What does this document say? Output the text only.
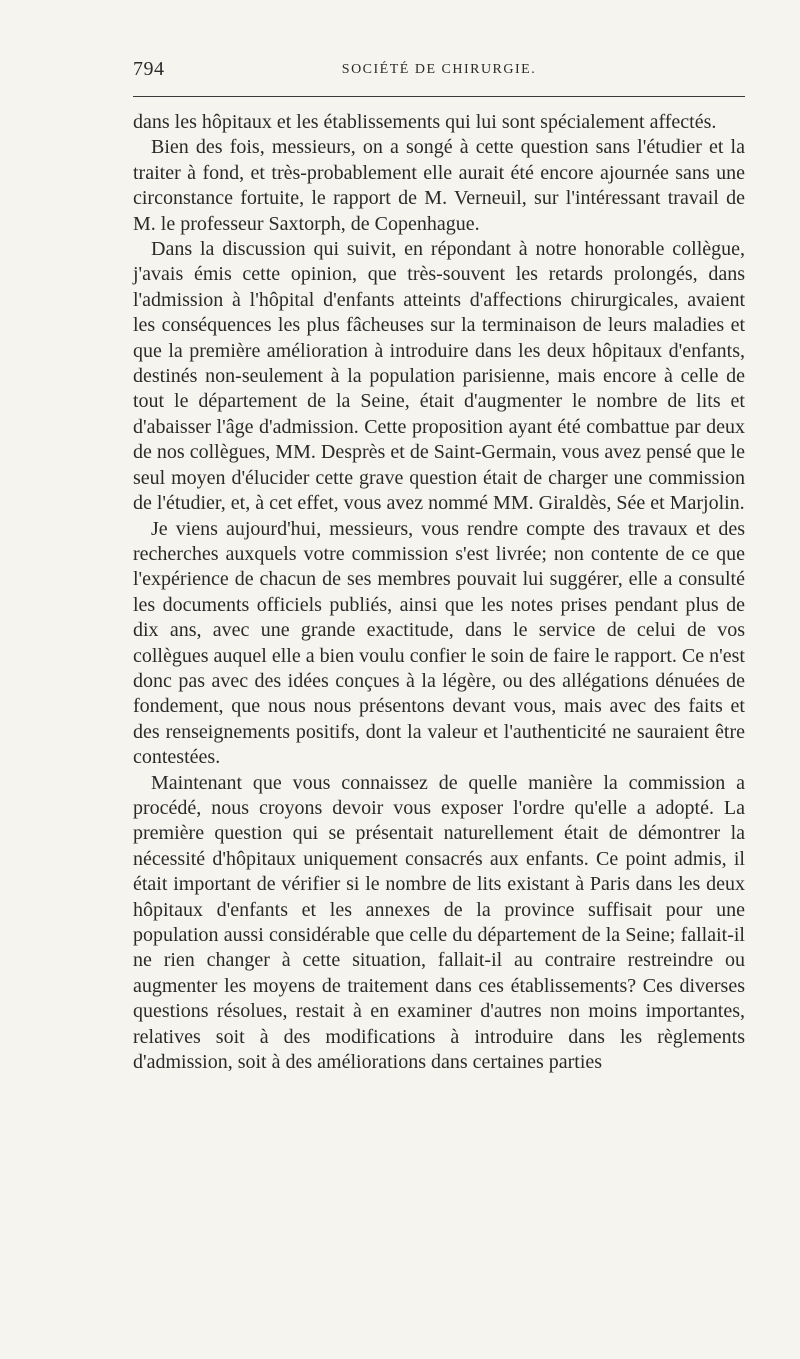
794	SOCIÉTÉ DE CHIRURGIE.

dans les hôpitaux et les établissements qui lui sont spécialement affectés.

Bien des fois, messieurs, on a songé à cette question sans l'étudier et la traiter à fond, et très-probablement elle aurait été encore ajournée sans une circonstance fortuite, le rapport de M. Verneuil, sur l'intéressant travail de M. le professeur Saxtorph, de Copenhague.

Dans la discussion qui suivit, en répondant à notre honorable collègue, j'avais émis cette opinion, que très-souvent les retards prolongés, dans l'admission à l'hôpital d'enfants atteints d'affections chirurgicales, avaient les conséquences les plus fâcheuses sur la terminaison de leurs maladies et que la première amélioration à introduire dans les deux hôpitaux d'enfants, destinés non-seulement à la population parisienne, mais encore à celle de tout le département de la Seine, était d'augmenter le nombre de lits et d'abaisser l'âge d'admission. Cette proposition ayant été combattue par deux de nos collègues, MM. Desprès et de Saint-Germain, vous avez pensé que le seul moyen d'élucider cette grave question était de charger une commission de l'étudier, et, à cet effet, vous avez nommé MM. Giraldès, Sée et Marjolin.

Je viens aujourd'hui, messieurs, vous rendre compte des travaux et des recherches auxquels votre commission s'est livrée; non contente de ce que l'expérience de chacun de ses membres pouvait lui suggérer, elle a consulté les documents officiels publiés, ainsi que les notes prises pendant plus de dix ans, avec une grande exactitude, dans le service de celui de vos collègues auquel elle a bien voulu confier le soin de faire le rapport. Ce n'est donc pas avec des idées conçues à la légère, ou des allégations dénuées de fondement, que nous nous présentons devant vous, mais avec des faits et des renseignements positifs, dont la valeur et l'authenticité ne sauraient être contestées.

Maintenant que vous connaissez de quelle manière la commission a procédé, nous croyons devoir vous exposer l'ordre qu'elle a adopté. La première question qui se présentait naturellement était de démontrer la nécessité d'hôpitaux uniquement consacrés aux enfants. Ce point admis, il était important de vérifier si le nombre de lits existant à Paris dans les deux hôpitaux d'enfants et les annexes de la province suffisait pour une population aussi considérable que celle du département de la Seine; fallait-il ne rien changer à cette situation, fallait-il au contraire restreindre ou augmenter les moyens de traitement dans ces établissements? Ces diverses questions résolues, restait à en examiner d'autres non moins importantes, relatives soit à des modifications à introduire dans les règlements d'admission, soit à des améliorations dans certaines parties
